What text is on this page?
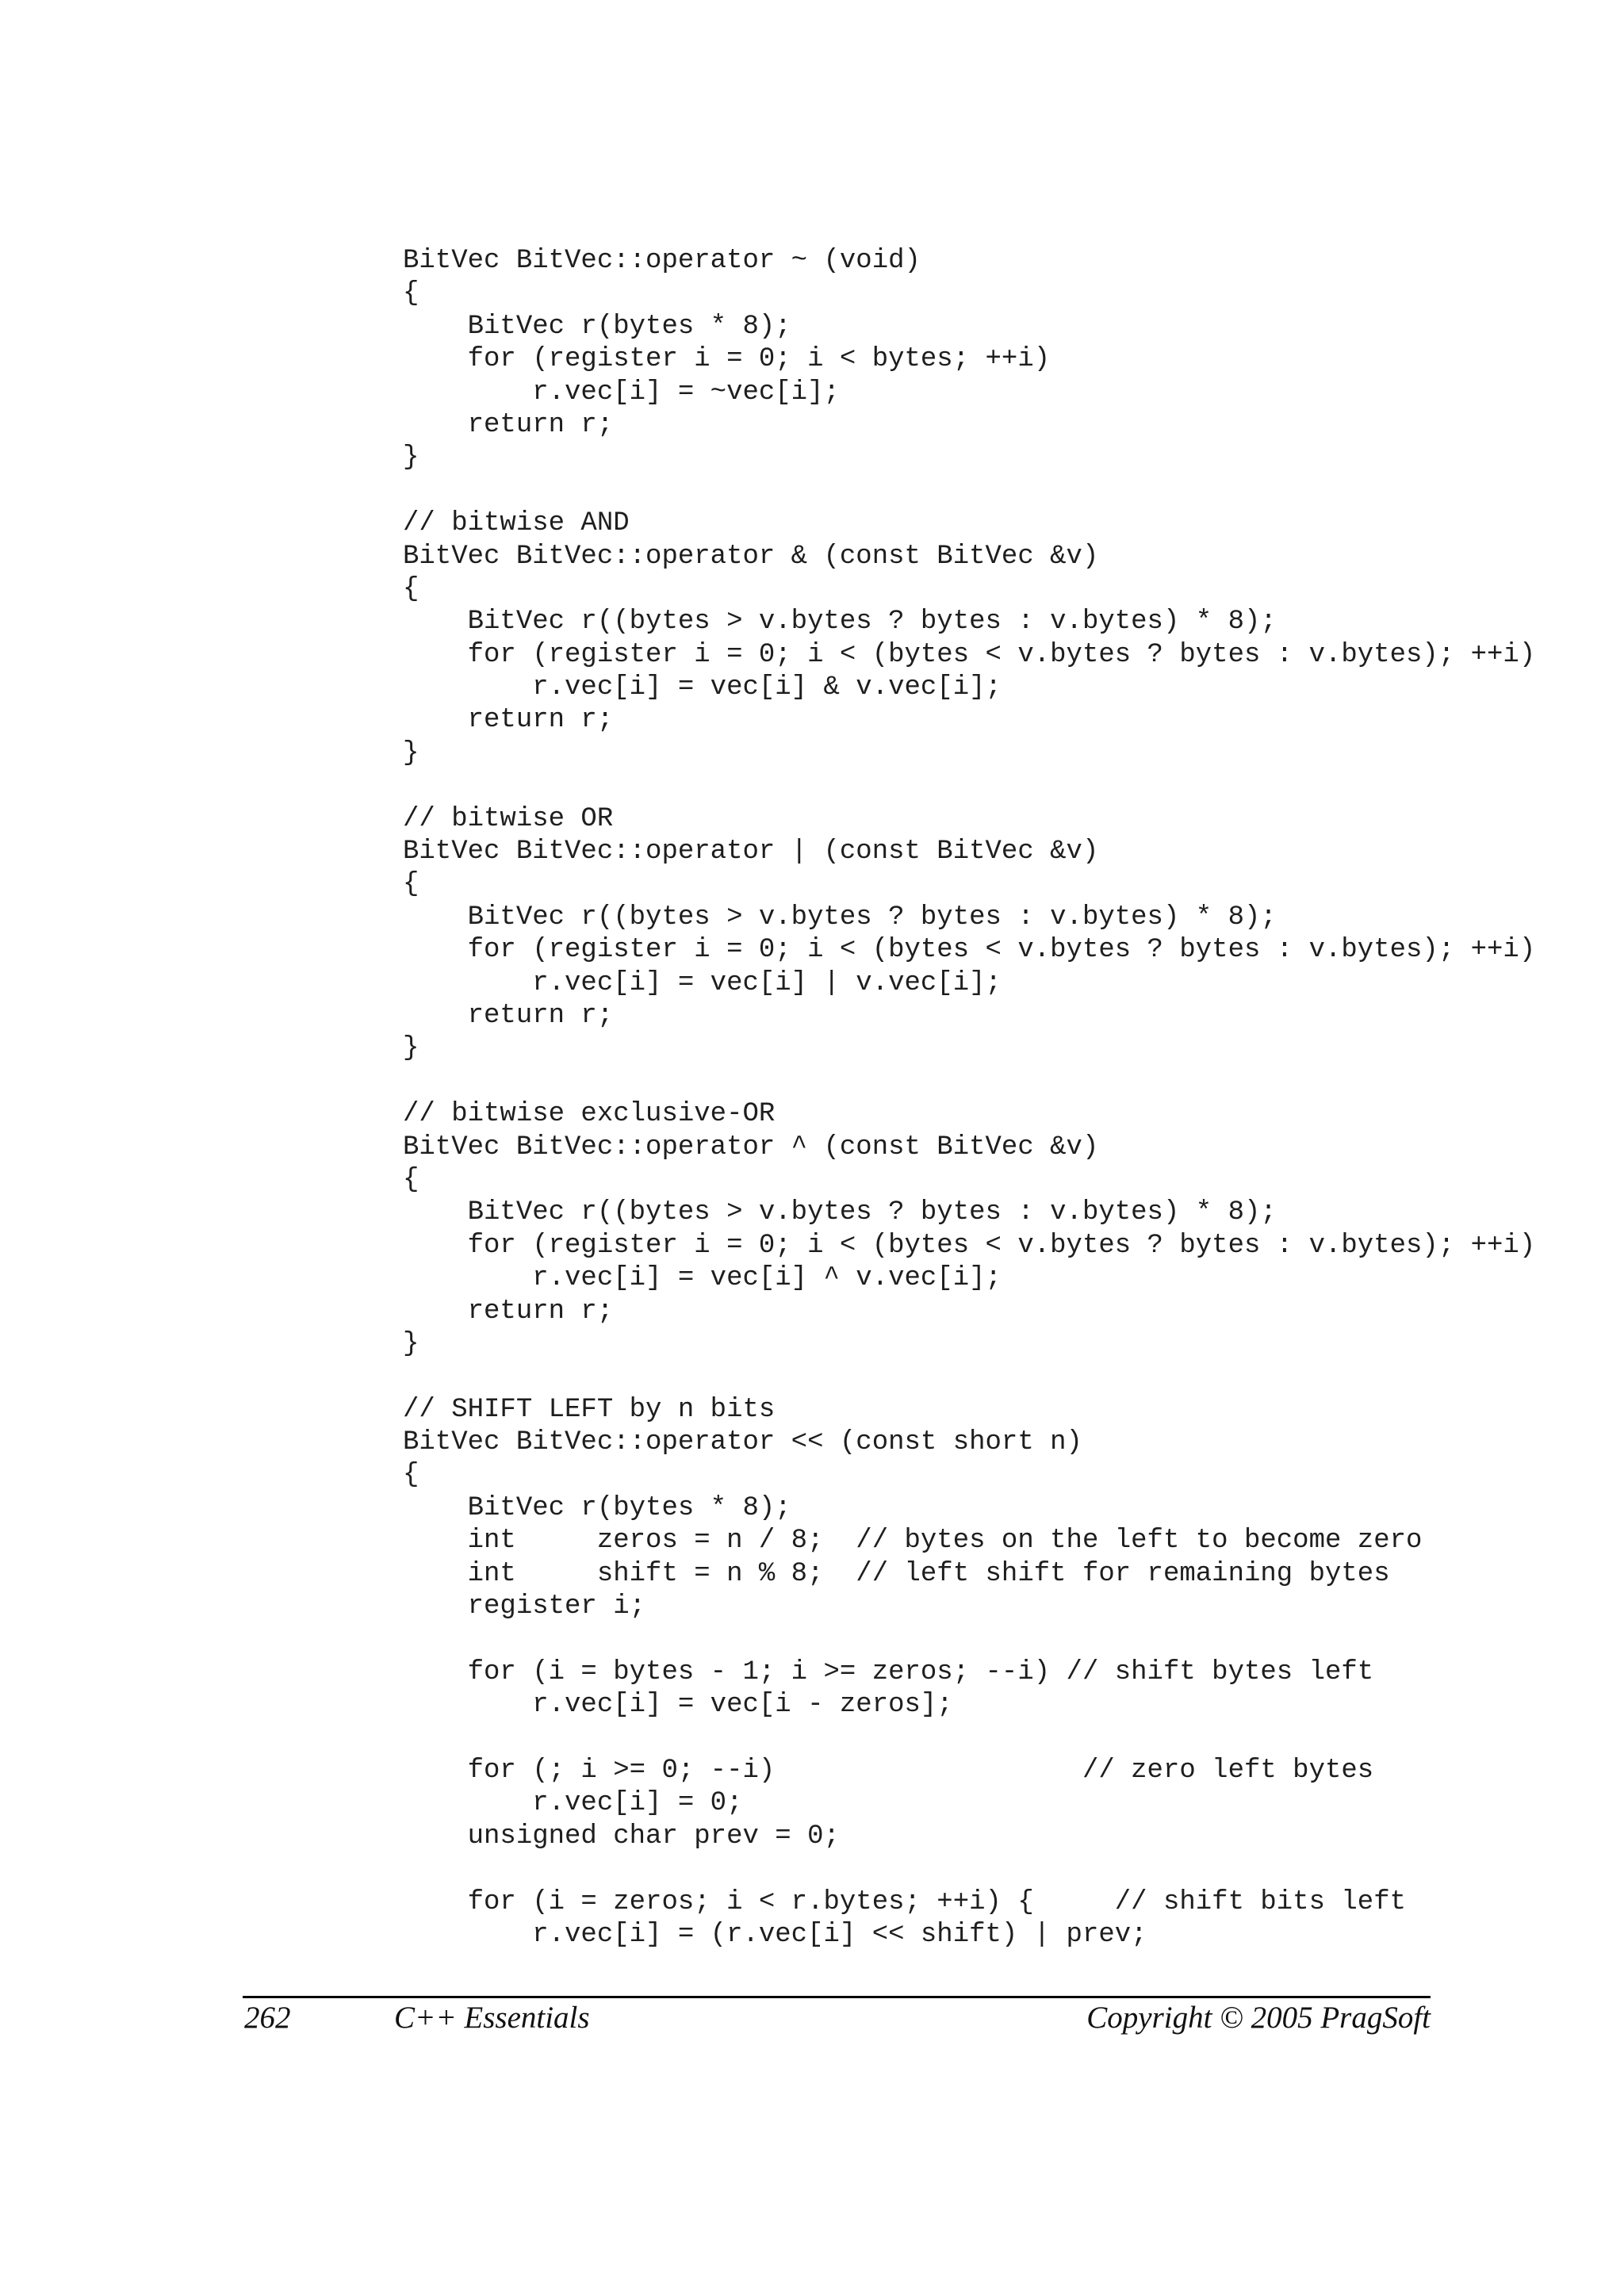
BitVec BitVec::operator ~ (void)
{
BitVec r(bytes * 8);
for (register i = 0; i < bytes; ++i)
r.vec[i] = ~vec[i];
return r;
}
// bitwise AND
BitVec BitVec::operator & (const BitVec &v)
{
BitVec r((bytes > v.bytes ? bytes : v.bytes) * 8);
for (register i = 0; i < (bytes < v.bytes ? bytes : v.bytes); ++i)
r.vec[i] = vec[i] & v.vec[i];
return r;
}
// bitwise OR
BitVec BitVec::operator | (const BitVec &v)
{
BitVec r((bytes > v.bytes ? bytes : v.bytes) * 8);
for (register i = 0; i < (bytes < v.bytes ? bytes : v.bytes); ++i)
r.vec[i] = vec[i] | v.vec[i];
return r;
}
// bitwise exclusive-OR
BitVec BitVec::operator ^ (const BitVec &v)
{
BitVec r((bytes > v.bytes ? bytes : v.bytes) * 8);
for (register i = 0; i < (bytes < v.bytes ? bytes : v.bytes); ++i)
r.vec[i] = vec[i] ^ v.vec[i];
return r;
}
// SHIFT LEFT by n bits
BitVec BitVec::operator << (const short n)
{
BitVec r(bytes * 8);
int     zeros = n / 8;  // bytes on the left to become zero
int     shift = n % 8;  // left shift for remaining bytes
register i;
for (i = bytes - 1; i >= zeros; --i) // shift bytes left
r.vec[i] = vec[i - zeros];
for (; i >= 0; --i)                   // zero left bytes
r.vec[i] = 0;
unsigned char prev = 0;
for (i = zeros; i < r.bytes; ++i) {     // shift bits left
r.vec[i] = (r.vec[i] << shift) | prev;
262	C++ Essentials	Copyright © 2005 PragSoft
